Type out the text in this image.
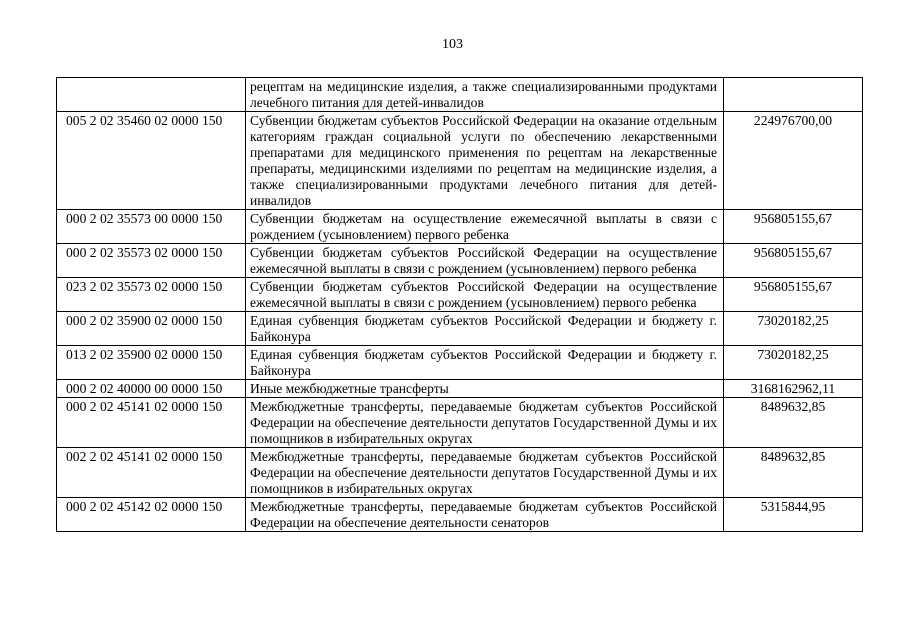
103
	рецептам на медицинские изделия, а также специализированными продуктами лечебного питания для детей-инвалидов	
005 2 02 35460 02 0000 150	Субвенции бюджетам субъектов Российской Федерации на оказание отдельным категориям граждан социальной услуги по обеспечению лекарственными препаратами для медицинского применения по рецептам на лекарственные препараты, медицинскими изделиями по рецептам на медицинские изделия, а также специализированными продуктами лечебного питания для детей-инвалидов	224976700,00
000 2 02 35573 00 0000 150	Субвенции бюджетам на осуществление ежемесячной выплаты в связи с рождением (усыновлением) первого ребенка	956805155,67
000 2 02 35573 02 0000 150	Субвенции бюджетам субъектов Российской Федерации на осуществление ежемесячной выплаты в связи с рождением (усыновлением) первого ребенка	956805155,67
023 2 02 35573 02 0000 150	Субвенции бюджетам субъектов Российской Федерации на осуществление ежемесячной выплаты в связи с рождением (усыновлением) первого ребенка	956805155,67
000 2 02 35900 02 0000 150	Единая субвенция бюджетам субъектов Российской Федерации и бюджету г. Байконура	73020182,25
013 2 02 35900 02 0000 150	Единая субвенция бюджетам субъектов Российской Федерации и бюджету г. Байконура	73020182,25
000 2 02 40000 00 0000 150	Иные межбюджетные трансферты	3168162962,11
000 2 02 45141 02 0000 150	Межбюджетные трансферты, передаваемые бюджетам субъектов Российской Федерации на обеспечение деятельности депутатов Государственной Думы и их помощников в избирательных округах	8489632,85
002 2 02 45141 02 0000 150	Межбюджетные трансферты, передаваемые бюджетам субъектов Российской Федерации на обеспечение деятельности депутатов Государственной Думы и их помощников в избирательных округах	8489632,85
000 2 02 45142 02 0000 150	Межбюджетные трансферты, передаваемые бюджетам субъектов Российской Федерации на обеспечение деятельности сенаторов	5315844,95
